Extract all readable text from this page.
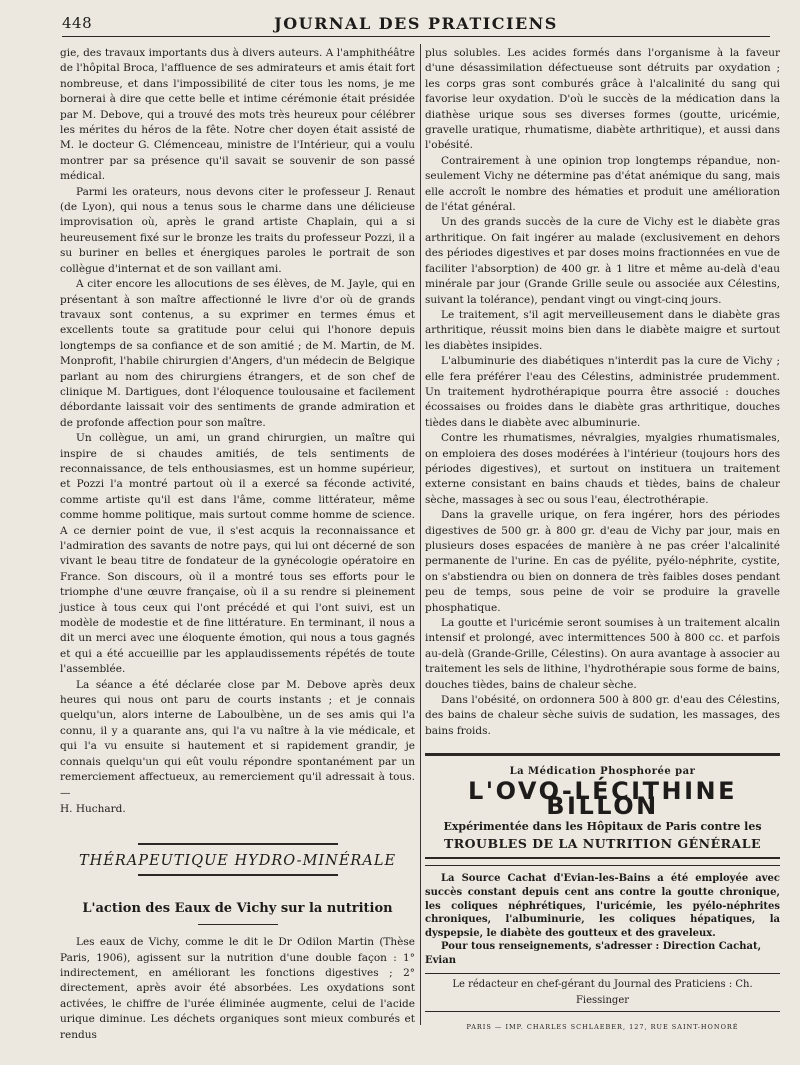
448	JOURNAL DES PRATICIENS

gie, des travaux importants dus à divers auteurs. A l'amphithéâtre de l'hôpital Broca, l'affluence de ses admirateurs et amis était fort nombreuse, et dans l'impossibilité de citer tous les noms, je me bornerai à dire que cette belle et intime cérémonie était présidée par M. Debove, qui a trouvé des mots très heureux pour célébrer les mérites du héros de la fête. Notre cher doyen était assisté de M. le docteur G. Clémenceau, ministre de l'Intérieur, qui a voulu montrer par sa présence qu'il savait se souvenir de son passé médical.

Parmi les orateurs, nous devons citer le professeur J. Renaut (de Lyon), qui nous a tenus sous le charme dans une délicieuse improvisation où, après le grand artiste Chaplain, qui a si heureusement fixé sur le bronze les traits du professeur Pozzi, il a su buriner en belles et énergiques paroles le portrait de son collègue d'internat et de son vaillant ami.

A citer encore les allocutions de ses élèves, de M. Jayle, qui en présentant à son maître affectionné le livre d'or où de grands travaux sont contenus, a su exprimer en termes émus et excellents toute sa gratitude pour celui qui l'honore depuis longtemps de sa confiance et de son amitié ; de M. Martin, de M. Monprofit, l'habile chirurgien d'Angers, d'un médecin de Belgique parlant au nom des chirurgiens étrangers, et de son chef de clinique M. Dartigues, dont l'éloquence toulousaine et facilement débordante laissait voir des sentiments de grande admiration et de profonde affection pour son maître.

Un collègue, un ami, un grand chirurgien, un maître qui inspire de si chaudes amitiés, de tels sentiments de reconnaissance, de tels enthousiasmes, est un homme supérieur, et Pozzi l'a montré partout où il a exercé sa féconde activité, comme artiste qu'il est dans l'âme, comme littérateur, même comme homme politique, mais surtout comme homme de science. A ce dernier point de vue, il s'est acquis la reconnaissance et l'admiration des savants de notre pays, qui lui ont décerné de son vivant le beau titre de fondateur de la gynécologie opératoire en France. Son discours, où il a montré tous ses efforts pour le triomphe d'une œuvre française, où il a su rendre si pleinement justice à tous ceux qui l'ont précédé et qui l'ont suivi, est un modèle de modestie et de fine littérature. En terminant, il nous a dit un merci avec une éloquente émotion, qui nous a tous gagnés et qui a été accueillie par les applaudissements répétés de toute l'assemblée.

La séance a été déclarée close par M. Debove après deux heures qui nous ont paru de courts instants ; et je connais quelqu'un, alors interne de Laboulbène, un de ses amis qui l'a connu, il y a quarante ans, qui l'a vu naître à la vie médicale, et qui l'a vu ensuite si hautement et si rapidement grandir, je connais quelqu'un qui eût voulu répondre spontanément par un remerciement affectueux, au remerciement qu'il adressait à tous. —

H. Huchard.

THÉRAPEUTIQUE HYDRO-MINÉRALE
L'action des Eaux de Vichy sur la nutrition

Les eaux de Vichy, comme le dit le Dr Odilon Martin (Thèse Paris, 1906), agissent sur la nutrition d'une double façon : 1° indirectement, en améliorant les fonctions digestives ; 2° directement, après avoir été absorbées. Les oxydations sont activées, le chiffre de l'urée éliminée augmente, celui de l'acide urique diminue. Les déchets organiques sont mieux comburés et rendus

plus solubles. Les acides formés dans l'organisme à la faveur d'une désassimilation défectueuse sont détruits par oxydation ; les corps gras sont comburés grâce à l'alcalinité du sang qui favorise leur oxydation. D'où le succès de la médication dans la diathèse urique sous ses diverses formes (goutte, uricémie, gravelle uratique, rhumatisme, diabète arthritique), et aussi dans l'obésité.

Contrairement à une opinion trop longtemps répandue, non-seulement Vichy ne détermine pas d'état anémique du sang, mais elle accroît le nombre des hématies et produit une amélioration de l'état général.

Un des grands succès de la cure de Vichy est le diabète gras arthritique. On fait ingérer au malade (exclusivement en dehors des périodes digestives et par doses moins fractionnées en vue de faciliter l'absorption) de 400 gr. à 1 litre et même au-delà d'eau minérale par jour (Grande Grille seule ou associée aux Célestins, suivant la tolérance), pendant vingt ou vingt-cinq jours.

Le traitement, s'il agit merveilleusement dans le diabète gras arthritique, réussit moins bien dans le diabète maigre et surtout les diabètes insipides.

L'albuminurie des diabétiques n'interdit pas la cure de Vichy ; elle fera préférer l'eau des Célestins, administrée prudemment. Un traitement hydrothérapique pourra être associé : douches écossaises ou froides dans le diabète gras arthritique, douches tièdes dans le diabète avec albuminurie.

Contre les rhumatismes, névralgies, myalgies rhumatismales, on emploiera des doses modérées à l'intérieur (toujours hors des périodes digestives), et surtout on instituera un traitement externe consistant en bains chauds et tièdes, bains de chaleur sèche, massages à sec ou sous l'eau, électrothérapie.

Dans la gravelle urique, on fera ingérer, hors des périodes digestives de 500 gr. à 800 gr. d'eau de Vichy par jour, mais en plusieurs doses espacées de manière à ne pas créer l'alcalinité permanente de l'urine. En cas de pyélite, pyélo-néphrite, cystite, on s'abstiendra ou bien on donnera de très faibles doses pendant peu de temps, sous peine de voir se produire la gravelle phosphatique.

La goutte et l'uricémie seront soumises à un traitement alcalin intensif et prolongé, avec intermittences 500 à 800 cc. et parfois au-delà (Grande-Grille, Célestins). On aura avantage à associer au traitement les sels de lithine, l'hydrothérapie sous forme de bains, douches tièdes, bains de chaleur sèche.

Dans l'obésité, on ordonnera 500 à 800 gr. d'eau des Célestins, des bains de chaleur sèche suivis de sudation, les massages, des bains froids.

La Médication Phosphorée par
L'OVO-LÉCITHINE BILLON
Expérimentée dans les Hôpitaux de Paris contre les
TROUBLES DE LA NUTRITION GÉNÉRALE

La Source Cachat d'Evian-les-Bains a été employée avec succès constant depuis cent ans contre la goutte chronique, les coliques néphrétiques, l'uricémie, les pyélo-néphrites chroniques, l'albuminurie, les coliques hépatiques, la dyspepsie, le diabète des goutteux et des graveleux.

Pour tous renseignements, s'adresser : Direction Cachat, Evian

Le rédacteur en chef-gérant du Journal des Praticiens : Ch. Fiessinger
PARIS — IMP. CHARLES SCHLAEBER, 127, RUE SAINT-HONORÉ
